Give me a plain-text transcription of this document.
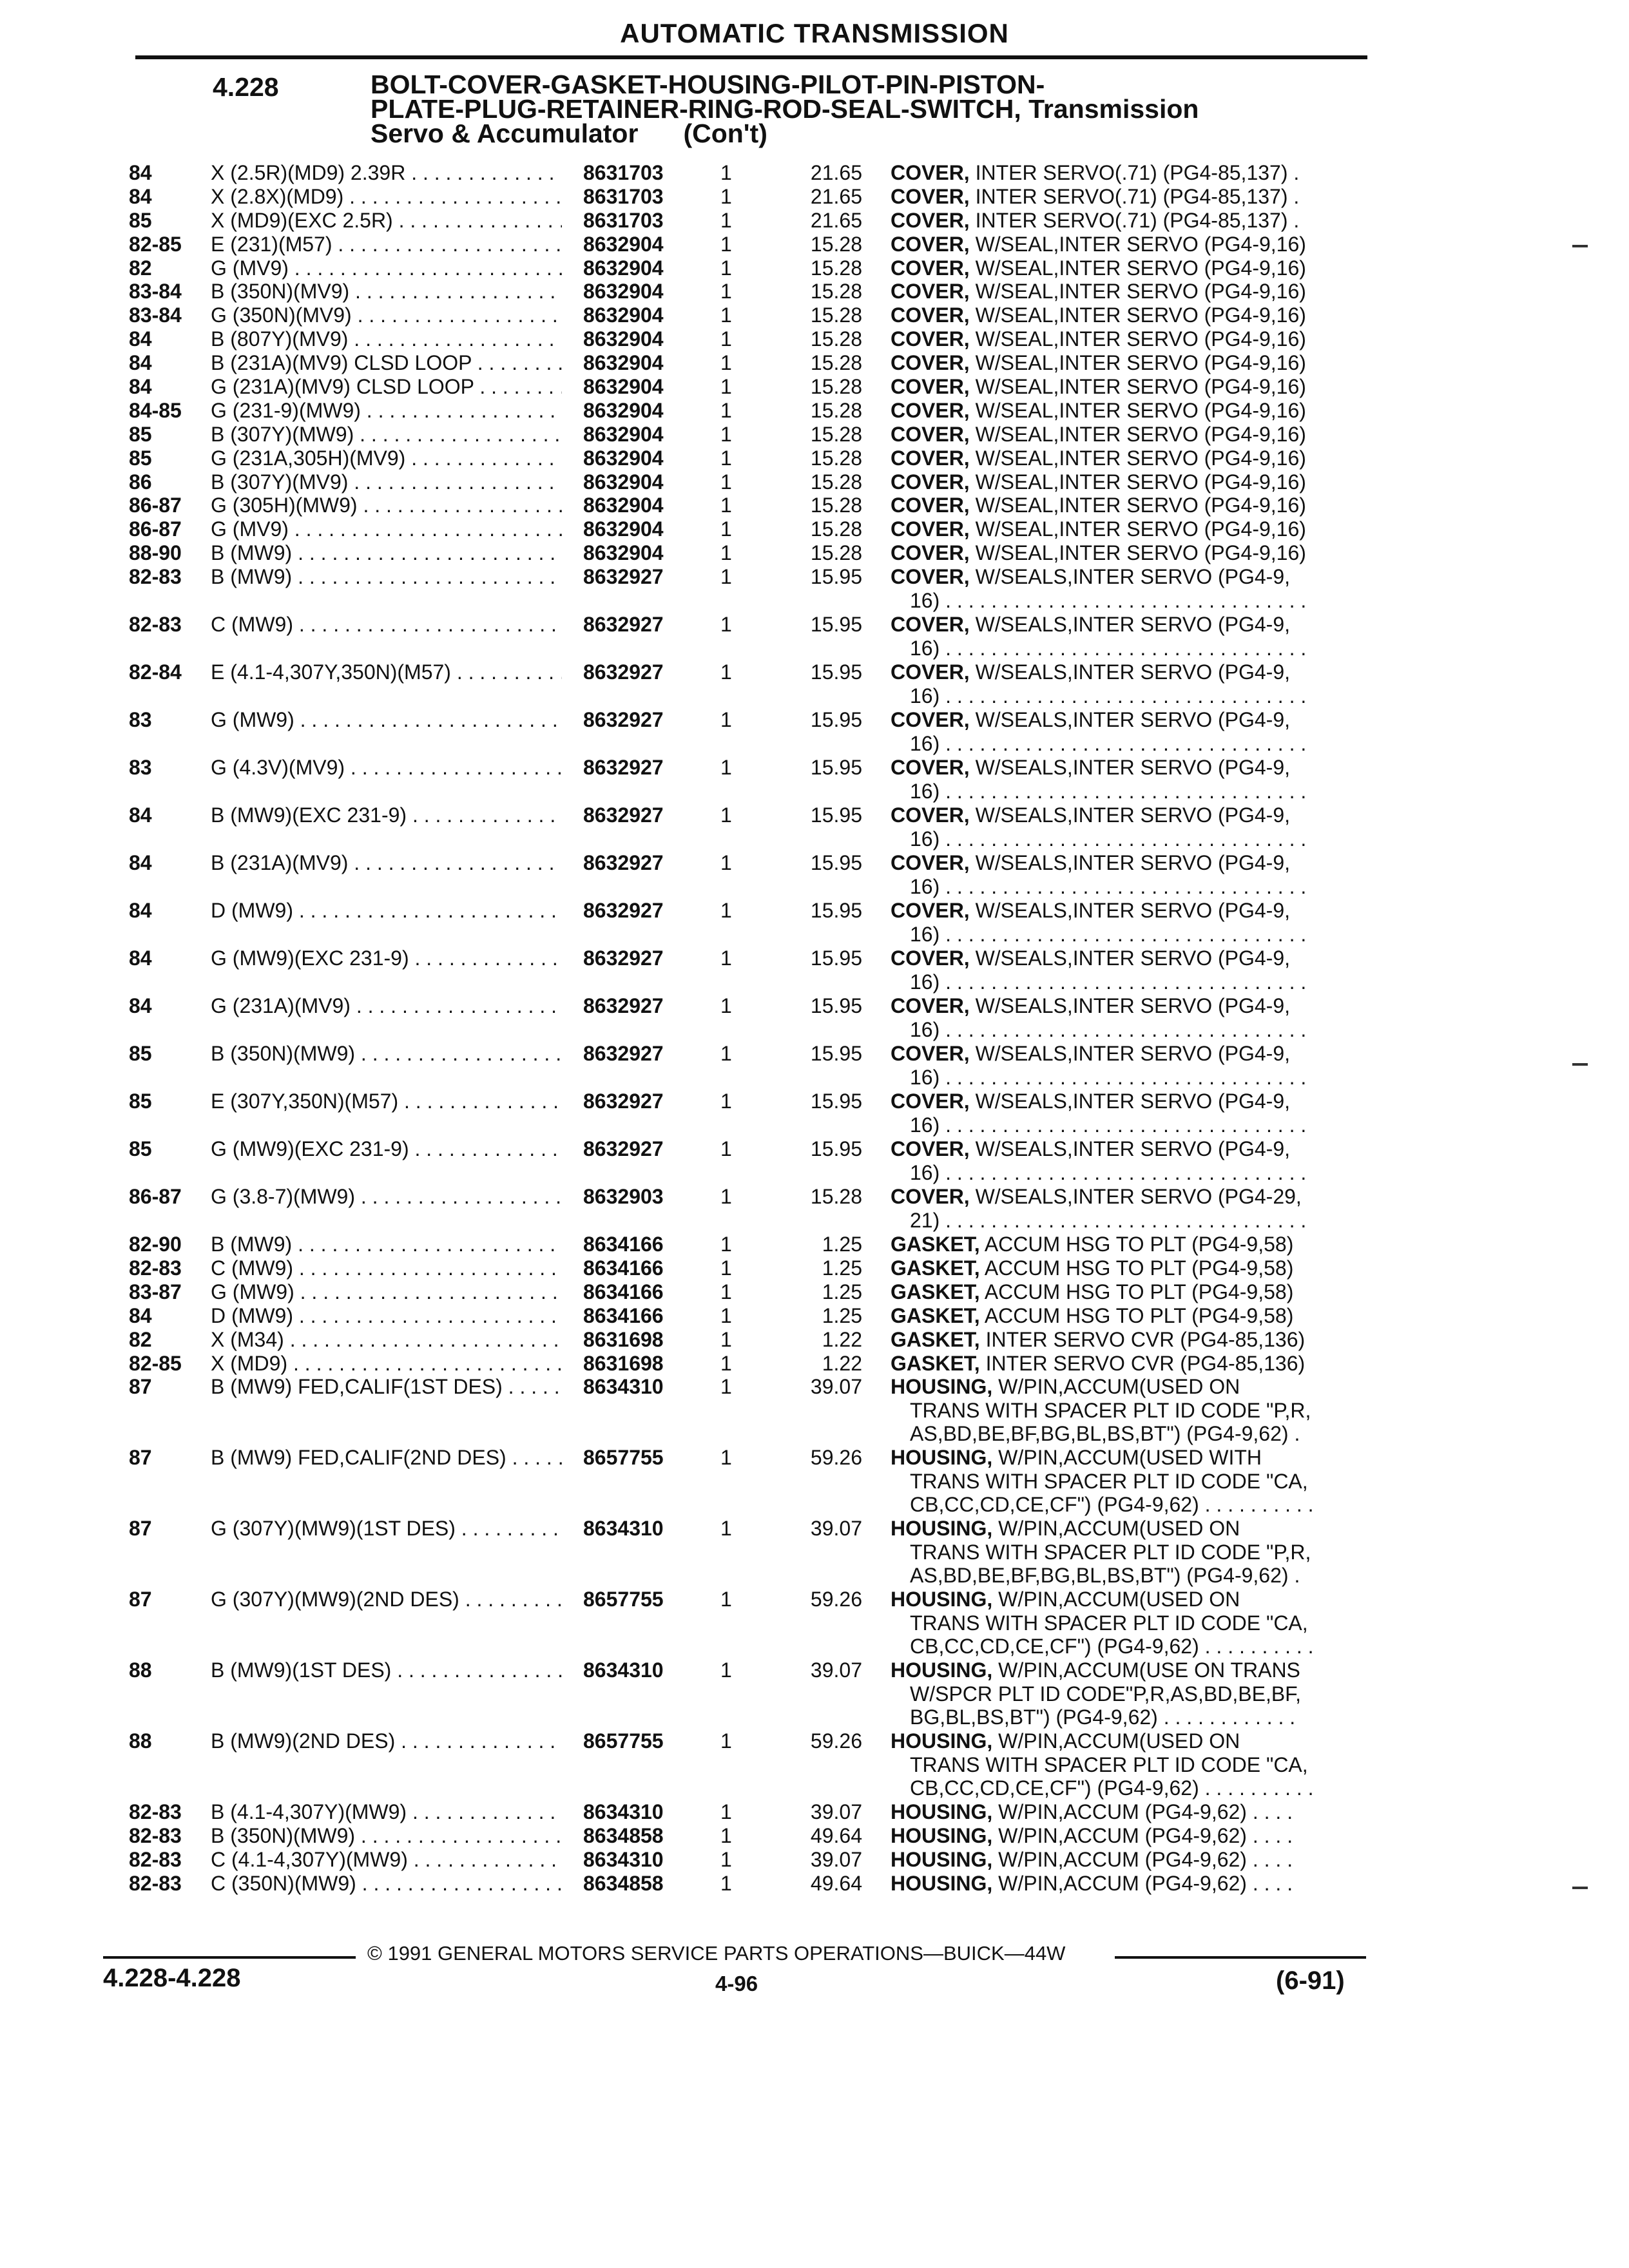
AUTOMATIC TRANSMISSION
4.228	BOLT-COVER-GASKET-HOUSING-PILOT-PIN-PISTON-
PLATE-PLUG-RETAINER-RING-ROD-SEAL-SWITCH, Transmission
Servo & Accumulator (Con't)
84	X (2.5R)(MD9) 2.39R . . .	8631703	1	21.65 COVER, INTER SERVO(.71) (PG4-85,137) .
84	X (2.8X)(MD9) . . .	8631703	1	21.65 COVER, INTER SERVO(.71) (PG4-85,137) .
85	X (MD9)(EXC 2.5R) . . .	8631703	1	21.65 COVER, INTER SERVO(.71) (PG4-85,137) .
82-85 E (231)(M57) . . .	8632904	1	15.28 COVER, W/SEAL,INTER SERVO (PG4-9,16)
82	G (MV9) . . .	8632904	1	15.28 COVER, W/SEAL,INTER SERVO (PG4-9,16)
83-84 B (350N)(MV9) . . .	8632904	1	15.28 COVER, W/SEAL,INTER SERVO (PG4-9,16)
83-84 G (350N)(MV9) . . .	8632904	1	15.28 COVER, W/SEAL,INTER SERVO (PG4-9,16)
84	B (807Y)(MV9) . . .	8632904	1	15.28 COVER, W/SEAL,INTER SERVO (PG4-9,16)
84	B (231A)(MV9) CLSD LOOP . . .	8632904	1	15.28 COVER, W/SEAL,INTER SERVO (PG4-9,16)
84	G (231A)(MV9) CLSD LOOP . . .	8632904	1	15.28 COVER, W/SEAL,INTER SERVO (PG4-9,16)
84-85 G (231-9)(MW9) . . .	8632904	1	15.28 COVER, W/SEAL,INTER SERVO (PG4-9,16)
85	B (307Y)(MW9) . . .	8632904	1	15.28 COVER, W/SEAL,INTER SERVO (PG4-9,16)
85	G (231A,305H)(MV9) . . .	8632904	1	15.28 COVER, W/SEAL,INTER SERVO (PG4-9,16)
86	B (307Y)(MV9) . . .	8632904	1	15.28 COVER, W/SEAL,INTER SERVO (PG4-9,16)
86-87 G (305H)(MW9) . . .	8632904	1	15.28 COVER, W/SEAL,INTER SERVO (PG4-9,16)
86-87 G (MV9) . . .	8632904	1	15.28 COVER, W/SEAL,INTER SERVO (PG4-9,16)
88-90 B (MW9) . . .	8632904	1	15.28 COVER, W/SEAL,INTER SERVO (PG4-9,16)
82-83 B (MW9) . . .	8632927	1	15.95 COVER, W/SEALS,INTER SERVO (PG4-9,
16) . . . . . . . . . . . . . . . . . . . . . . . . . . . . . . . .
82-83 C (MW9) . . .	8632927	1	15.95 COVER, W/SEALS,INTER SERVO (PG4-9,
16) . . . . . . . . . . . . . . . . . . . . . . . . . . . . . . . .
82-84 E (4.1-4,307Y,350N)(M57) . . .	8632927	1	15.95 COVER, W/SEALS,INTER SERVO (PG4-9,
16) . . . . . . . . . . . . . . . . . . . . . . . . . . . . . . . .
83	G (MW9) . . .	8632927	1	15.95 COVER, W/SEALS,INTER SERVO (PG4-9,
16) . . . . . . . . . . . . . . . . . . . . . . . . . . . . . . . .
83	G (4.3V)(MV9) . . .	8632927	1	15.95 COVER, W/SEALS,INTER SERVO (PG4-9,
16) . . . . . . . . . . . . . . . . . . . . . . . . . . . . . . . .
84	B (MW9)(EXC 231-9) . . .	8632927	1	15.95 COVER, W/SEALS,INTER SERVO (PG4-9,
16) . . . . . . . . . . . . . . . . . . . . . . . . . . . . . . . .
84	B (231A)(MV9) . . .	8632927	1	15.95 COVER, W/SEALS,INTER SERVO (PG4-9,
16) . . . . . . . . . . . . . . . . . . . . . . . . . . . . . . . .
84	D (MW9) . . .	8632927	1	15.95 COVER, W/SEALS,INTER SERVO (PG4-9,
16) . . . . . . . . . . . . . . . . . . . . . . . . . . . . . . . .
84	G (MW9)(EXC 231-9) . . .	8632927	1	15.95 COVER, W/SEALS,INTER SERVO (PG4-9,
16) . . . . . . . . . . . . . . . . . . . . . . . . . . . . . . . .
84	G (231A)(MV9) . . .	8632927	1	15.95 COVER, W/SEALS,INTER SERVO (PG4-9,
16) . . . . . . . . . . . . . . . . . . . . . . . . . . . . . . . .
85	B (350N)(MW9) . . .	8632927	1	15.95 COVER, W/SEALS,INTER SERVO (PG4-9,
16) . . . . . . . . . . . . . . . . . . . . . . . . . . . . . . . .
85	E (307Y,350N)(M57) . . .	8632927	1	15.95 COVER, W/SEALS,INTER SERVO (PG4-9,
16) . . . . . . . . . . . . . . . . . . . . . . . . . . . . . . . .
85	G (MW9)(EXC 231-9) . . .	8632927	1	15.95 COVER, W/SEALS,INTER SERVO (PG4-9,
16) . . . . . . . . . . . . . . . . . . . . . . . . . . . . . . . .
86-87 G (3.8-7)(MW9) . . .	8632903	1	15.28 COVER, W/SEALS,INTER SERVO (PG4-29,
21) . . . . . . . . . . . . . . . . . . . . . . . . . . . . . . . .
82-90 B (MW9) . . .	8634166	1	1.25 GASKET, ACCUM HSG TO PLT (PG4-9,58)
82-83 C (MW9) . . .	8634166	1	1.25 GASKET, ACCUM HSG TO PLT (PG4-9,58)
83-87 G (MW9) . . .	8634166	1	1.25 GASKET, ACCUM HSG TO PLT (PG4-9,58)
84	D (MW9) . . .	8634166	1	1.25 GASKET, ACCUM HSG TO PLT (PG4-9,58)
82	X (M34) . . .	8631698	1	1.22 GASKET, INTER SERVO CVR (PG4-85,136)
82-85 X (MD9) . . .	8631698	1	1.22 GASKET, INTER SERVO CVR (PG4-85,136)
87	B (MW9) FED,CALIF(1ST DES) . . .	8634310	1	39.07 HOUSING, W/PIN,ACCUM(USED ON
TRANS WITH SPACER PLT ID CODE "P,R,
AS,BD,BE,BF,BG,BL,BS,BT") (PG4-9,62) .
87	B (MW9) FED,CALIF(2ND DES) . . .	8657755	1	59.26 HOUSING, W/PIN,ACCUM(USED WITH
TRANS WITH SPACER PLT ID CODE "CA,
CB,CC,CD,CE,CF") (PG4-9,62) . . . . . . . . . .
87	G (307Y)(MW9)(1ST DES) . . .	8634310	1	39.07 HOUSING, W/PIN,ACCUM(USED ON
TRANS WITH SPACER PLT ID CODE "P,R,
AS,BD,BE,BF,BG,BL,BS,BT") (PG4-9,62) .
87	G (307Y)(MW9)(2ND DES) . . .	8657755	1	59.26 HOUSING, W/PIN,ACCUM(USED ON
TRANS WITH SPACER PLT ID CODE "CA,
CB,CC,CD,CE,CF") (PG4-9,62) . . . . . . . . . .
88	B (MW9)(1ST DES) . . .	8634310	1	39.07 HOUSING, W/PIN,ACCUM(USE ON TRANS
W/SPCR PLT ID CODE"P,R,AS,BD,BE,BF,
BG,BL,BS,BT") (PG4-9,62) . . . . . . . . . . . .
88	B (MW9)(2ND DES) . . .	8657755	1	59.26 HOUSING, W/PIN,ACCUM(USED ON
TRANS WITH SPACER PLT ID CODE "CA,
CB,CC,CD,CE,CF") (PG4-9,62) . . . . . . . . . .
82-83 B (4.1-4,307Y)(MW9) . . .	8634310	1	39.07 HOUSING, W/PIN,ACCUM (PG4-9,62) . . . .
82-83 B (350N)(MW9) . . .	8634858	1	49.64 HOUSING, W/PIN,ACCUM (PG4-9,62) . . . .
82-83 C (4.1-4,307Y)(MW9) . . .	8634310	1	39.07 HOUSING, W/PIN,ACCUM (PG4-9,62) . . . .
82-83 C (350N)(MW9) . . .	8634858	1	49.64 HOUSING, W/PIN,ACCUM (PG4-9,62) . . . .
© 1991 GENERAL MOTORS SERVICE PARTS OPERATIONS—BUICK—44W
4.228-4.228	4-96	(6-91)
